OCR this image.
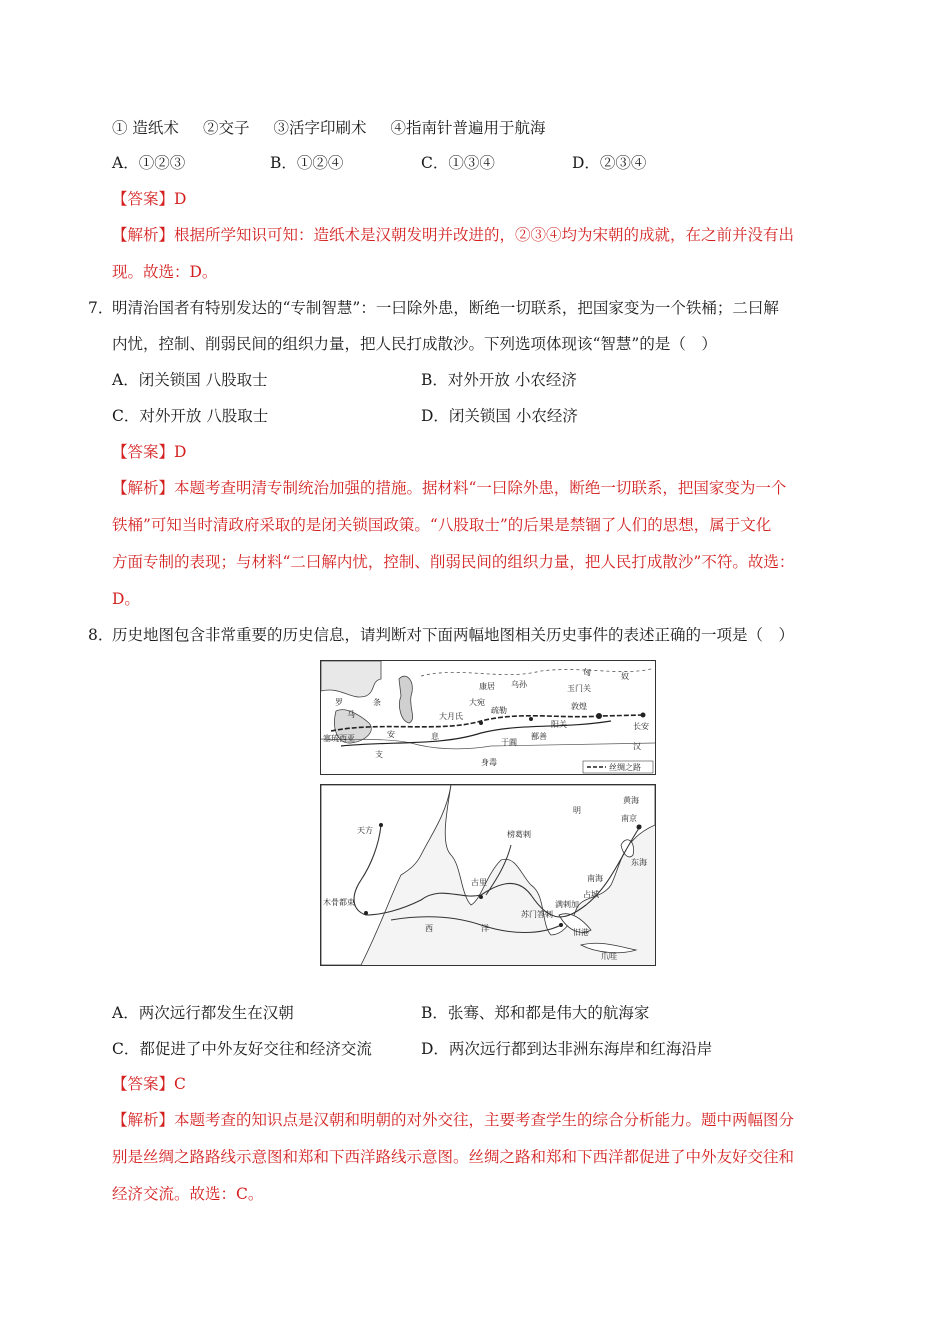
① 造纸术 ②交子 ③活字印刷术 ④指南针普遍用于航海
A．①②③	B．①②④	C．①③④	D．②③④
【答案】D
【解析】根据所学知识可知：造纸术是汉朝发明并改进的，②③④均为宋朝的成就，在之前并没有出
现。故选：D。
7．
明清治国者有特别发达的“专制智慧”：一曰除外患，断绝一切联系，把国家变为一个铁桶；二曰解
内忧，控制、削弱民间的组织力量，把人民打成散沙。下列选项体现该“智慧”的是（　）
A．闭关锁国 八股取士	B．对外开放 小农经济
C．对外开放 八股取士	D．闭关锁国 小农经济
【答案】D
【解析】本题考查明清专制统治加强的措施。据材料“一曰除外患，断绝一切联系，把国家变为一个
铁桶”可知当时清政府采取的是闭关锁国政策。“八股取士”的后果是禁锢了人们的思想，属于文化
方面专制的表现；与材料“二曰解内忧，控制、削弱民间的组织力量，把人民打成散沙”不符。故选：
D。
8．
历史地图包含非常重要的历史信息，请判断对下面两幅地图相关历史事件的表述正确的一项是（　）
丝绸之路
匈	奴
罗
马
条
安	息
大月氏
大宛
乌孙
康居	玉门关
敦煌
阳关
鄯善
于阗
疏勒
长安
汉
身毒
塞琉西亚
支
明
黄海
东海
南京
天方
古里
榜葛剌
木骨都束
西	洋
南海
满剌加
旧港
苏门答剌
占城
爪哇
A．两次远行都发生在汉朝	B．张骞、郑和都是伟大的航海家
C．都促进了中外友好交往和经济交流	D．两次远行都到达非洲东海岸和红海沿岸
【答案】C
【解析】本题考查的知识点是汉朝和明朝的对外交往，主要考查学生的综合分析能力。题中两幅图分
别是丝绸之路路线示意图和郑和下西洋路线示意图。丝绸之路和郑和下西洋都促进了中外友好交往和
经济交流。故选：C。
